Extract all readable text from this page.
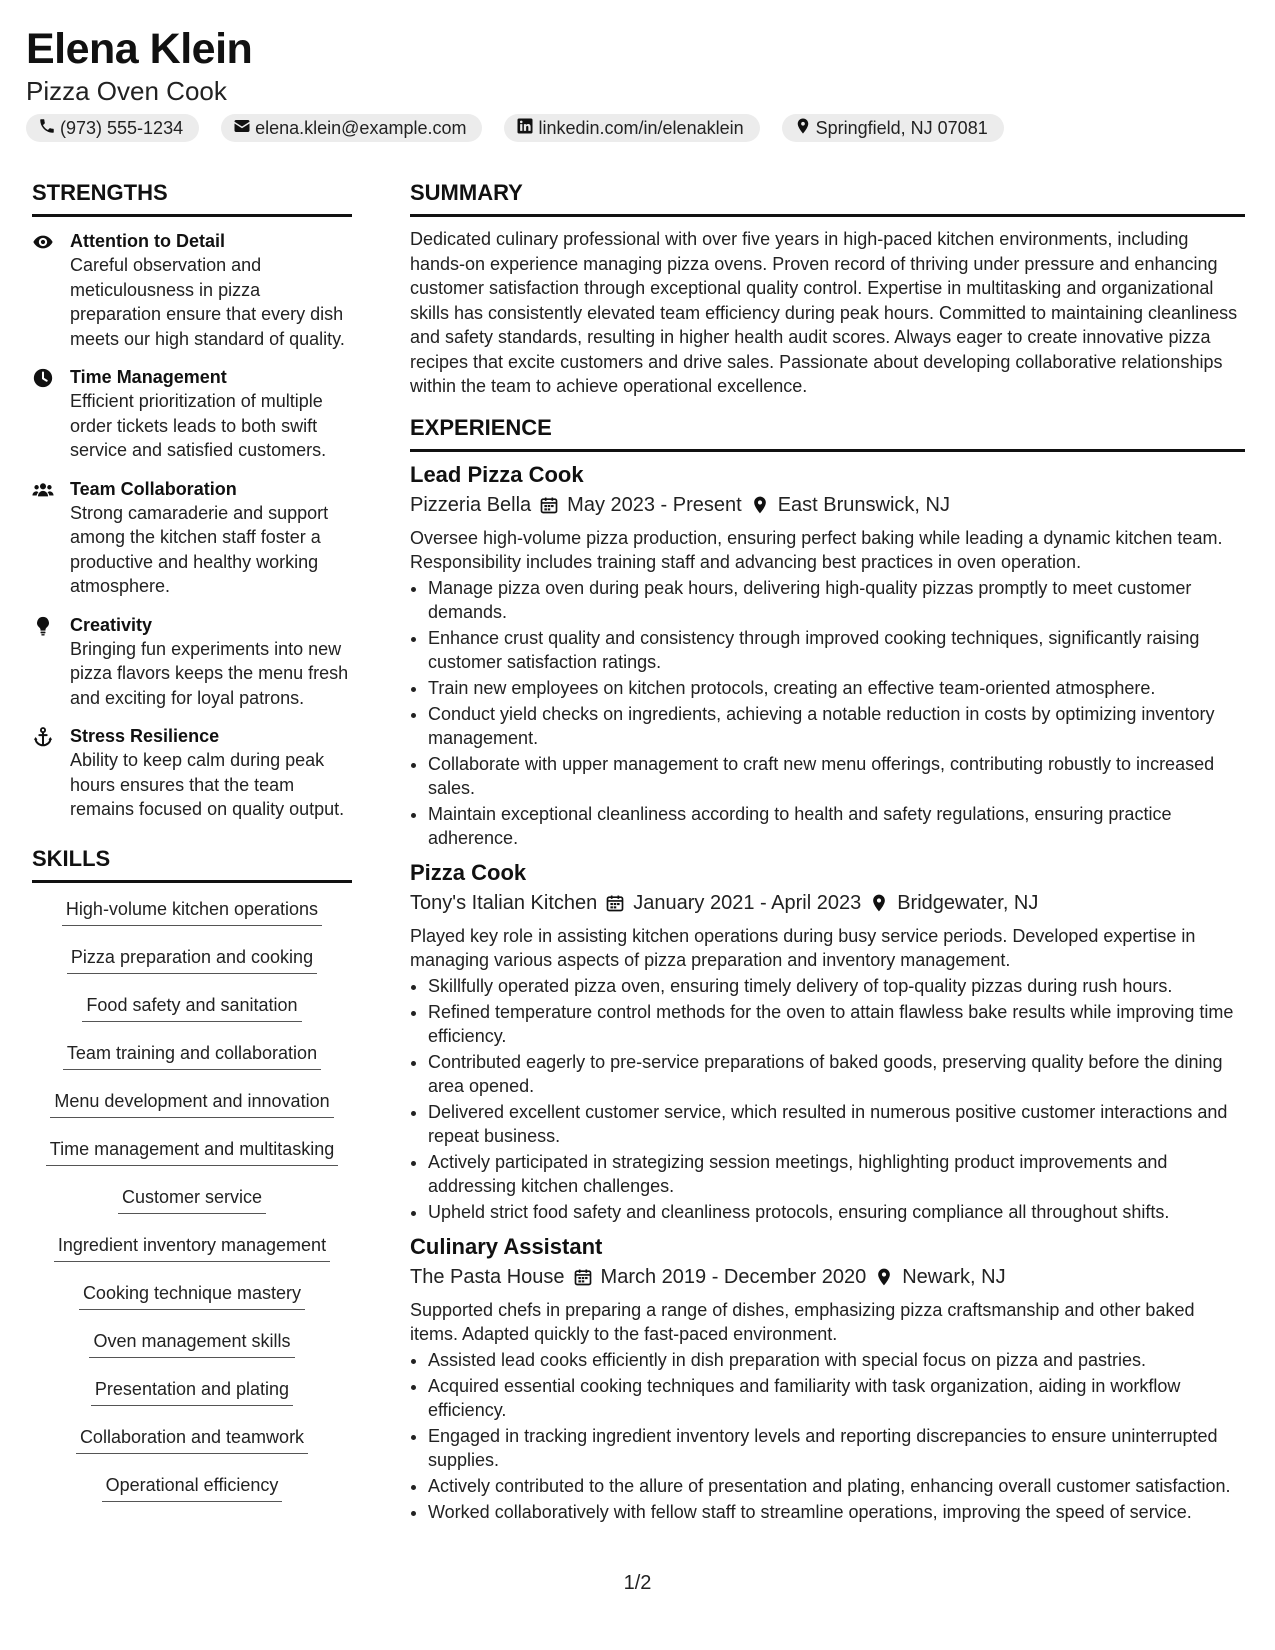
Elena Klein
Pizza Oven Cook
(973) 555-1234	elena.klein@example.com	linkedin.com/in/elenaklein	Springfield, NJ 07081
STRENGTHS
Attention to Detail
Careful observation and meticulousness in pizza preparation ensure that every dish meets our high standard of quality.
Time Management
Efficient prioritization of multiple order tickets leads to both swift service and satisfied customers.
Team Collaboration
Strong camaraderie and support among the kitchen staff foster a productive and healthy working atmosphere.
Creativity
Bringing fun experiments into new pizza flavors keeps the menu fresh and exciting for loyal patrons.
Stress Resilience
Ability to keep calm during peak hours ensures that the team remains focused on quality output.
SKILLS
High-volume kitchen operations
Pizza preparation and cooking
Food safety and sanitation
Team training and collaboration
Menu development and innovation
Time management and multitasking
Customer service
Ingredient inventory management
Cooking technique mastery
Oven management skills
Presentation and plating
Collaboration and teamwork
Operational efficiency
SUMMARY

Dedicated culinary professional with over five years in high-paced kitchen environments, including hands-on experience managing pizza ovens. Proven record of thriving under pressure and enhancing customer satisfaction through exceptional quality control. Expertise in multitasking and organizational skills has consistently elevated team efficiency during peak hours. Committed to maintaining cleanliness and safety standards, resulting in higher health audit scores. Always eager to create innovative pizza recipes that excite customers and drive sales. Passionate about developing collaborative relationships within the team to achieve operational excellence.

EXPERIENCE
Lead Pizza Cook
Pizzeria Bella May 2023 - Present East Brunswick, NJ
Oversee high-volume pizza production, ensuring perfect baking while leading a dynamic kitchen team. Responsibility includes training staff and advancing best practices in oven operation.
• Manage pizza oven during peak hours, delivering high-quality pizzas promptly to meet customer demands.
• Enhance crust quality and consistency through improved cooking techniques, significantly raising customer satisfaction ratings.
• Train new employees on kitchen protocols, creating an effective team-oriented atmosphere.
• Conduct yield checks on ingredients, achieving a notable reduction in costs by optimizing inventory management.
• Collaborate with upper management to craft new menu offerings, contributing robustly to increased sales.
• Maintain exceptional cleanliness according to health and safety regulations, ensuring practice adherence.
Pizza Cook
Tony's Italian Kitchen January 2021 - April 2023 Bridgewater, NJ
Played key role in assisting kitchen operations during busy service periods. Developed expertise in managing various aspects of pizza preparation and inventory management.
• Skillfully operated pizza oven, ensuring timely delivery of top-quality pizzas during rush hours.
• Refined temperature control methods for the oven to attain flawless bake results while improving time efficiency.
• Contributed eagerly to pre-service preparations of baked goods, preserving quality before the dining area opened.
• Delivered excellent customer service, which resulted in numerous positive customer interactions and repeat business.
• Actively participated in strategizing session meetings, highlighting product improvements and addressing kitchen challenges.
• Upheld strict food safety and cleanliness protocols, ensuring compliance all throughout shifts.
Culinary Assistant
The Pasta House March 2019 - December 2020 Newark, NJ
Supported chefs in preparing a range of dishes, emphasizing pizza craftsmanship and other baked items. Adapted quickly to the fast-paced environment.
• Assisted lead cooks efficiently in dish preparation with special focus on pizza and pastries.
• Acquired essential cooking techniques and familiarity with task organization, aiding in workflow efficiency.
• Engaged in tracking ingredient inventory levels and reporting discrepancies to ensure uninterrupted supplies.
• Actively contributed to the allure of presentation and plating, enhancing overall customer satisfaction.
• Worked collaboratively with fellow staff to streamline operations, improving the speed of service.
1/2
